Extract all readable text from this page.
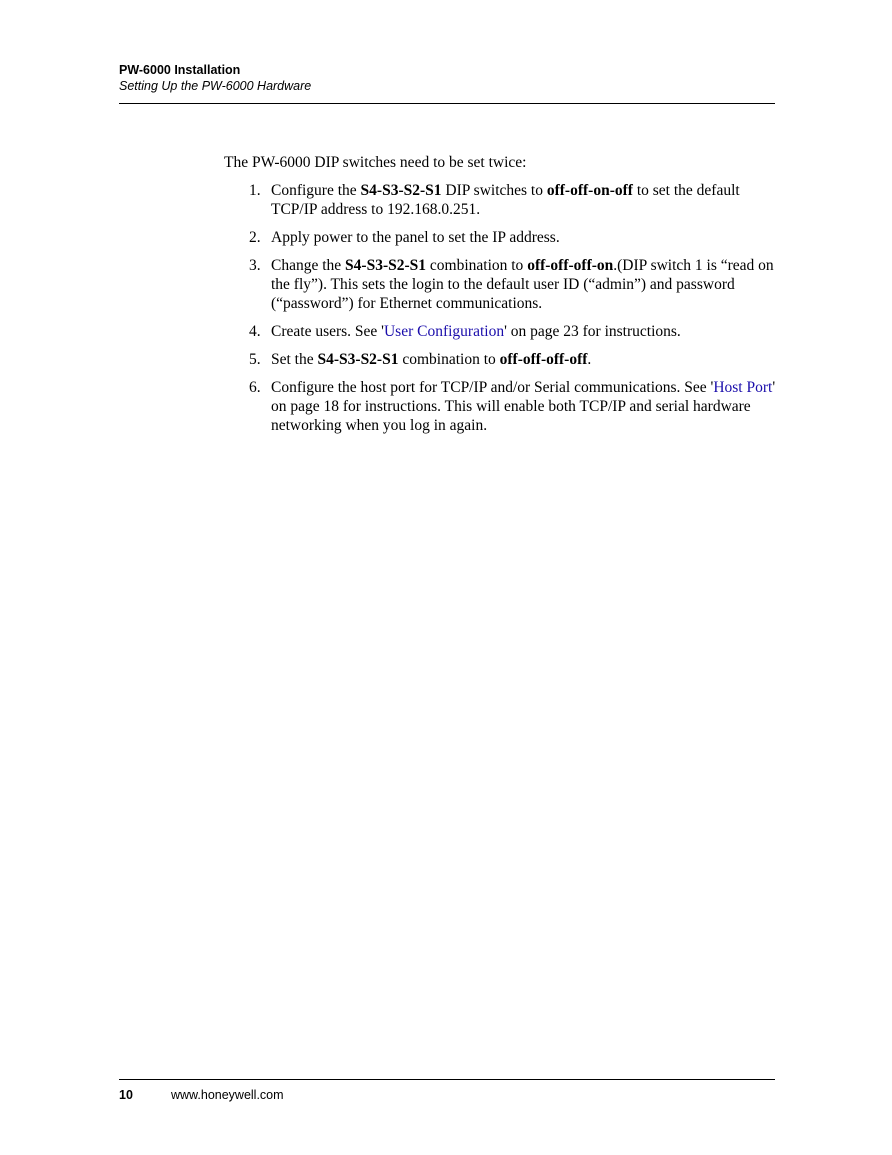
PW-6000 Installation
Setting Up the PW-6000 Hardware

The PW-6000 DIP switches need to be set twice:

1. Configure the S4-S3-S2-S1 DIP switches to off-off-on-off to set the default TCP/IP address to 192.168.0.251.
2. Apply power to the panel to set the IP address.
3. Change the S4-S3-S2-S1 combination to off-off-off-on.(DIP switch 1 is “read on the fly”). This sets the login to the default user ID (“admin”) and password (“password”) for Ethernet communications.
4. Create users. See 'User Configuration' on page 23 for instructions.
5. Set the S4-S3-S2-S1 combination to off-off-off-off.
6. Configure the host port for TCP/IP and/or Serial communications. See 'Host Port' on page 18 for instructions. This will enable both TCP/IP and serial hardware networking when you log in again.
10	www.honeywell.com
